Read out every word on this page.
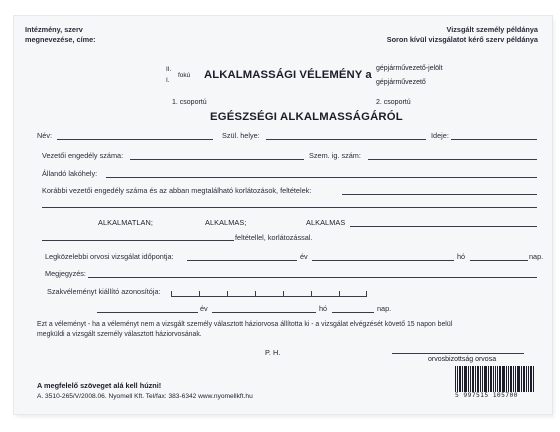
Intézmény, szerv
megnevezése, címe:
Vizsgált személy példánya
Soron kívül vizsgálatot kérő szerv példánya
II.
I.
fokú ALKALMASSÁGI VÉLEMÉNY a
gépjárművezető-jelölt
gépjárművezető
1. csoportú	2. csoportú
EGÉSZSÉGI ALKALMASSÁGÁRÓL
Név:	Szül. helye:	Ideje:
Vezetői engedély száma:	Szem. ig. szám:
Állandó lakóhely:
Korábbi vezetői engedély száma és az abban megtalálható korlátozások, feltételek:
ALKALMATLAN;	ALKALMAS;	ALKALMAS
feltétellel, korlátozással.
Legközelebbi orvosi vizsgálat időpontja:	év	hó	nap.
Megjegyzés:
Szakvéleményt kiállító azonosítója:
év	hó	nap.
Ezt a véleményt - ha a véleményt nem a vizsgált személy választott háziorvosa állította ki - a vizsgálat elvégzését követő 15 napon belül
megküldi a vizsgált személy választott háziorvosának.
P. H.
orvosbizottság orvosa
A megfelelő szöveget alá kell húzni!
A. 3510-265/V/2008.06. Nyomell Kft. Tel/fax: 383-6342 www.nyomellkft.hu	5 997515 105700
